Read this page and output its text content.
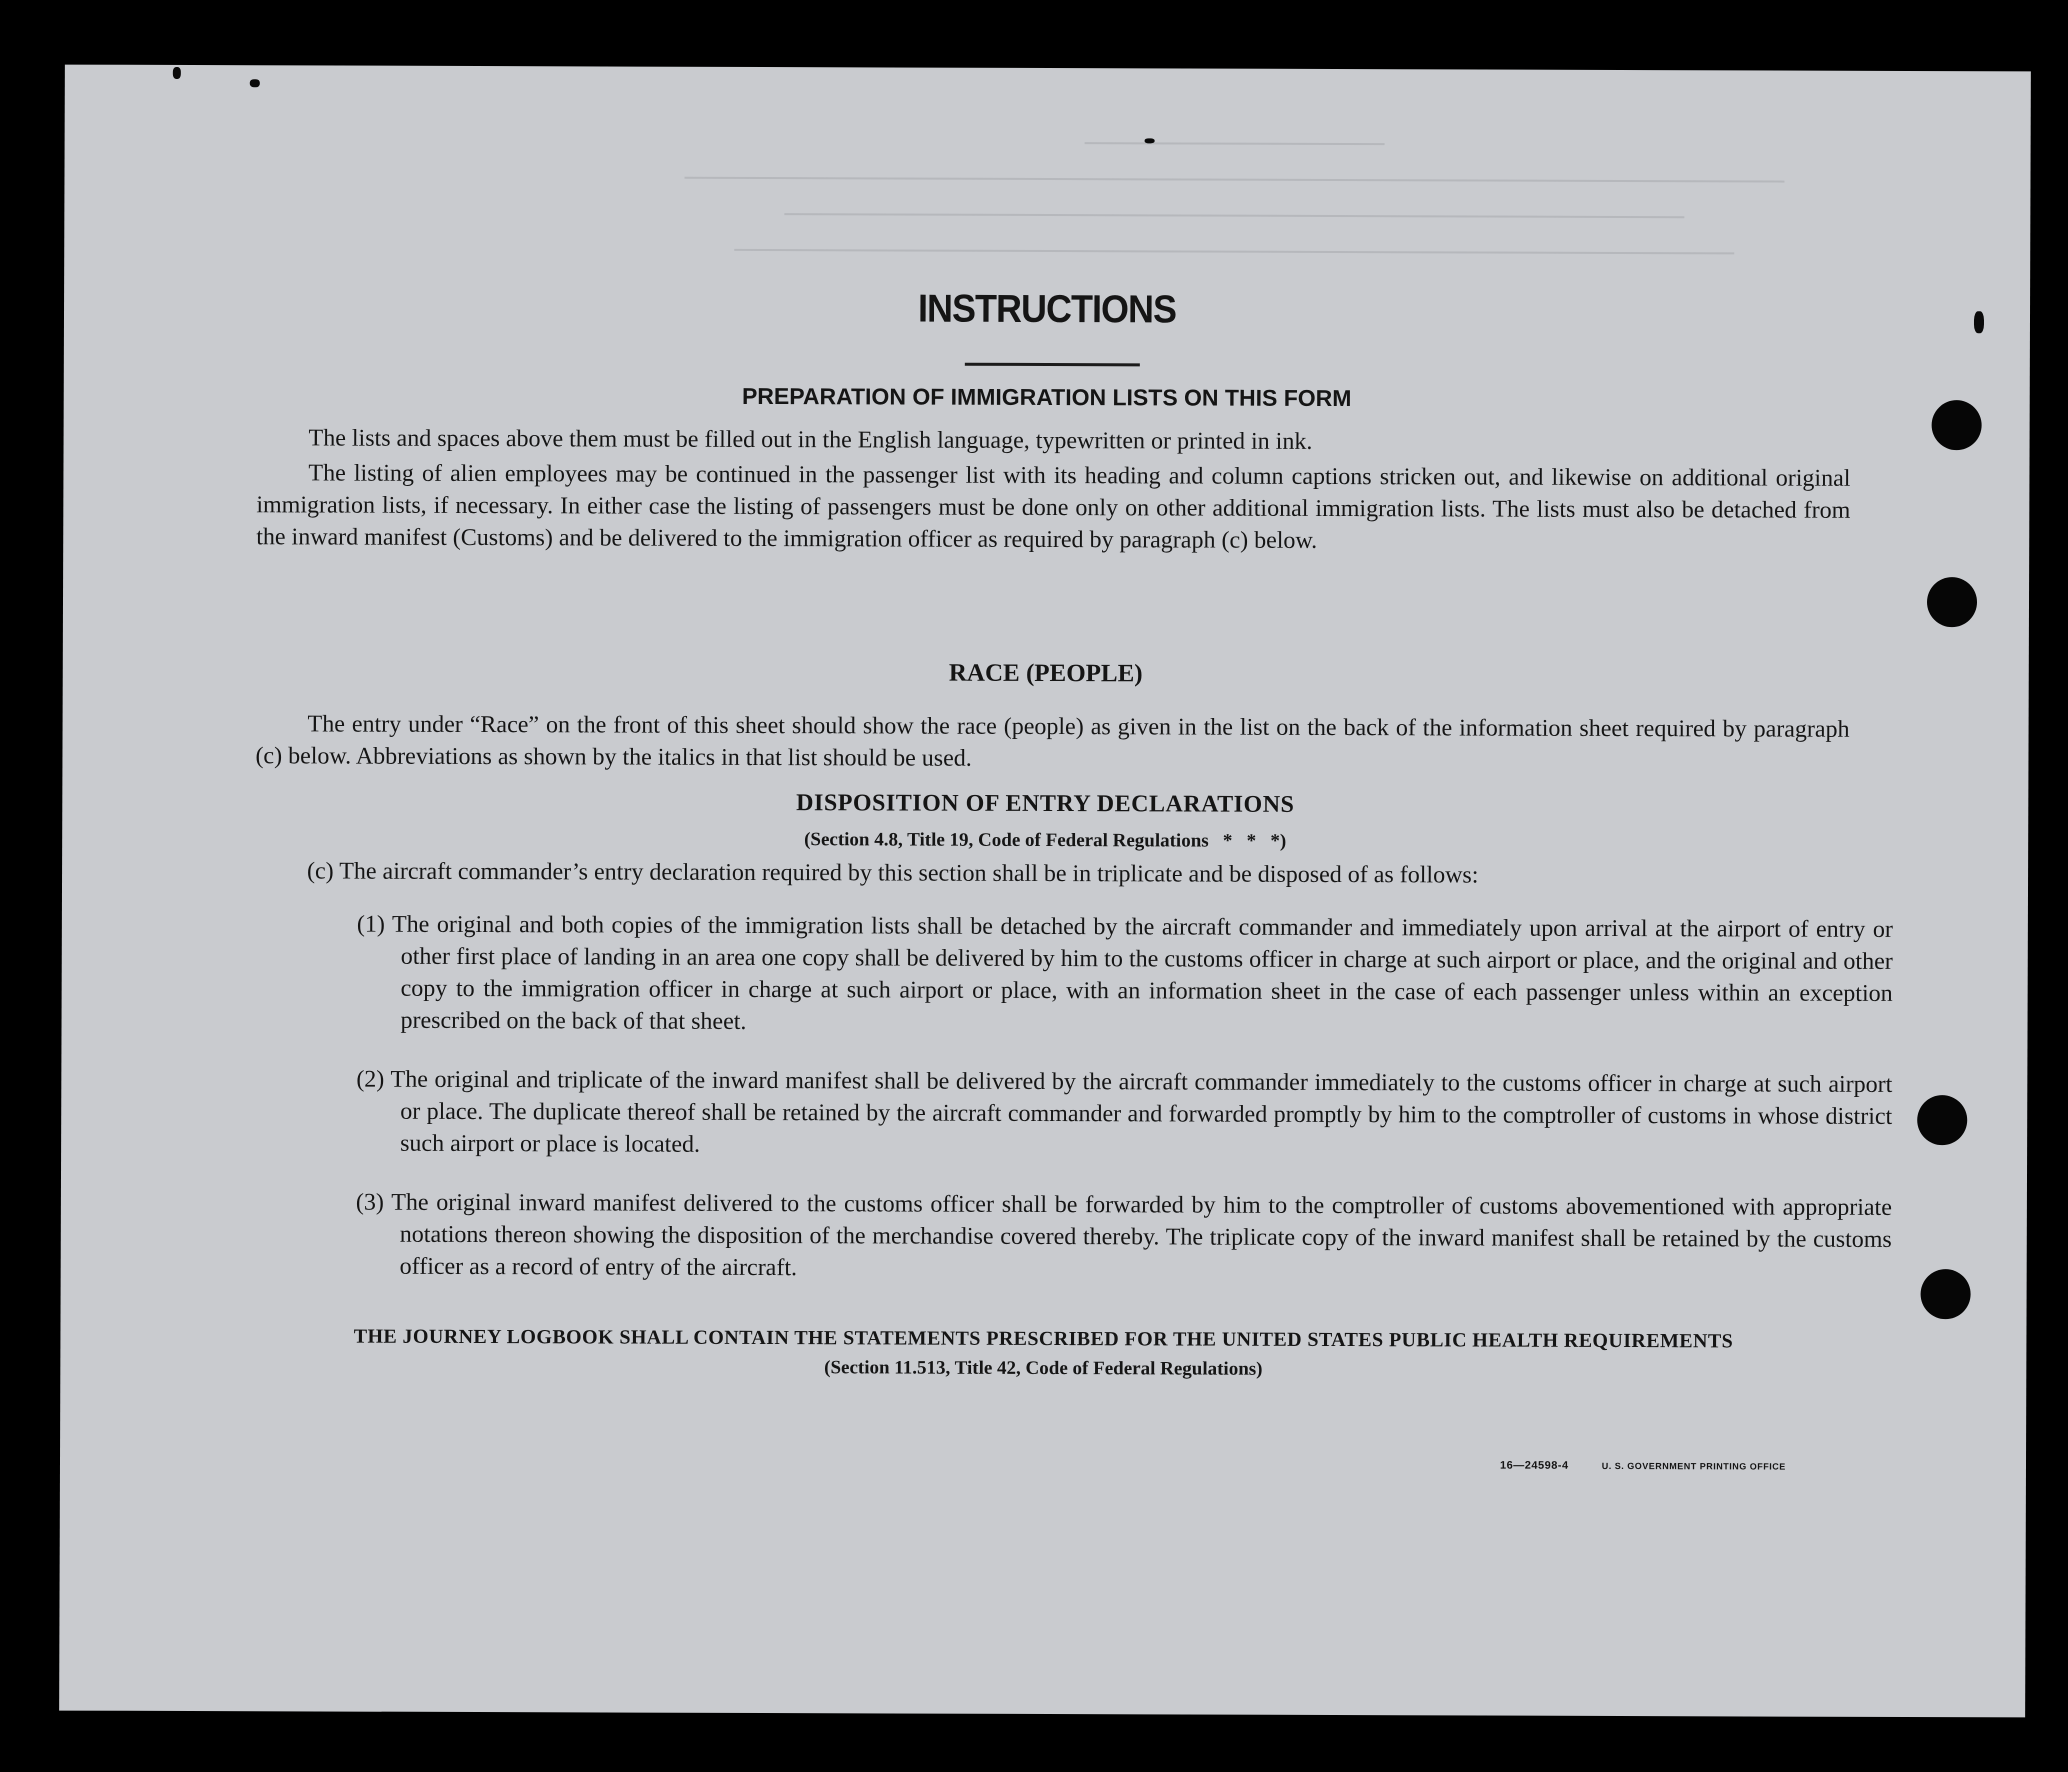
INSTRUCTIONS
PREPARATION OF IMMIGRATION LISTS ON THIS FORM
The lists and spaces above them must be filled out in the English language, typewritten or printed in ink.
The listing of alien employees may be continued in the passenger list with its heading and column captions stricken out, and likewise on additional original immigration lists, if necessary. In either case the listing of passengers must be done only on other additional immigration lists. The lists must also be detached from the inward manifest (Customs) and be delivered to the immigration officer as required by paragraph (c) below.
RACE (PEOPLE)
The entry under “Race” on the front of this sheet should show the race (people) as given in the list on the back of the information sheet required by paragraph (c) below. Abbreviations as shown by the italics in that list should be used.
DISPOSITION OF ENTRY DECLARATIONS
(Section 4.8, Title 19, Code of Federal Regulations   *   *   *)
(c) The aircraft commander’s entry declaration required by this section shall be in triplicate and be disposed of as follows:
(1) The original and both copies of the immigration lists shall be detached by the aircraft commander and immediately upon arrival at the airport of entry or other first place of landing in an area one copy shall be delivered by him to the customs officer in charge at such airport or place, and the original and other copy to the immigration officer in charge at such airport or place, with an information sheet in the case of each passenger unless within an exception prescribed on the back of that sheet.
(2) The original and triplicate of the inward manifest shall be delivered by the aircraft commander immediately to the customs officer in charge at such airport or place. The duplicate thereof shall be retained by the aircraft commander and forwarded promptly by him to the comptroller of customs in whose district such airport or place is located.
(3) The original inward manifest delivered to the customs officer shall be forwarded by him to the comptroller of customs abovementioned with appropriate notations thereon showing the disposition of the merchandise covered thereby. The triplicate copy of the inward manifest shall be retained by the customs officer as a record of entry of the aircraft.
THE JOURNEY LOGBOOK SHALL CONTAIN THE STATEMENTS PRESCRIBED FOR THE UNITED STATES PUBLIC HEALTH REQUIREMENTS
(Section 11.513, Title 42, Code of Federal Regulations)
16—24598-4	U. S. GOVERNMENT PRINTING OFFICE
